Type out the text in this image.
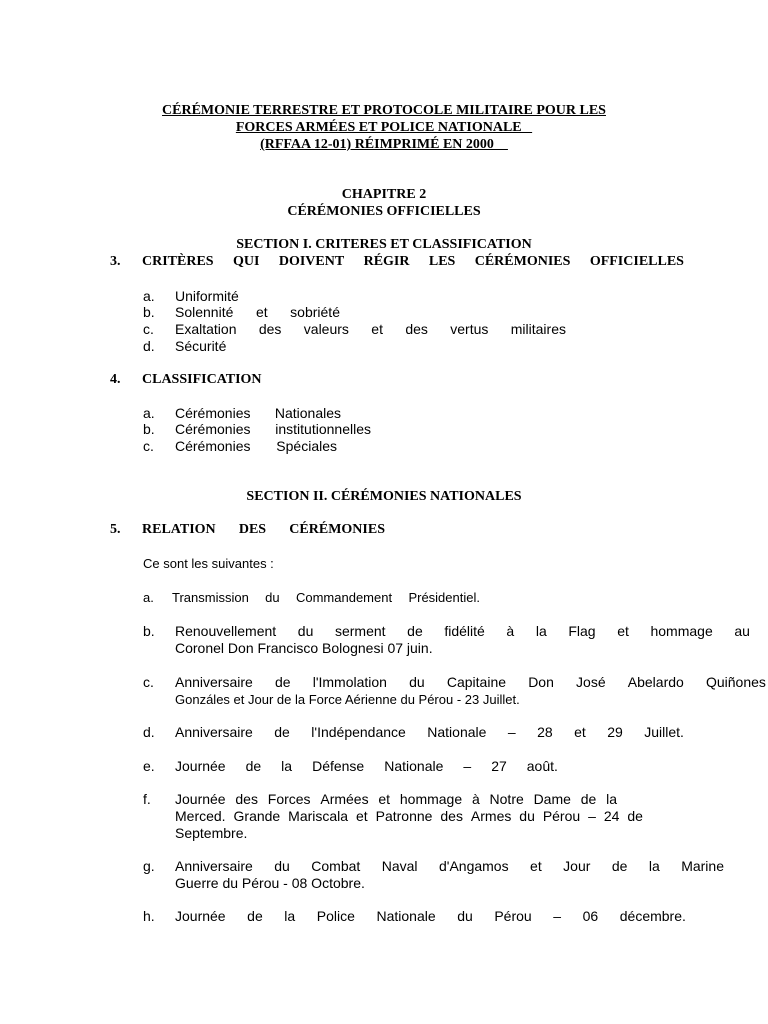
CÉRÉMONIE TERRESTRE ET PROTOCOLE MILITAIRE POUR LES
FORCES ARMÉES ET POLICE NATIONALE
(RFFAA 12-01) RÉIMPRIMÉ EN 2000
CHAPITRE 2
CÉRÉMONIES OFFICIELLES
SECTION I. CRITERES ET CLASSIFICATION
3. CRITÈRES QUI DOIVENT RÉGIR LES CÉRÉMONIES OFFICIELLES
a. Uniformité
b. Solennité et sobriété
c. Exaltation des valeurs et des vertus militaires
d. Sécurité
4. CLASSIFICATION
a. Cérémonies Nationales
b. Cérémonies institutionnelles
c. Cérémonies Spéciales
SECTION II. CÉRÉMONIES NATIONALES
5. RELATION DES CÉRÉMONIES
Ce sont les suivantes :
a. Transmission du Commandement Présidentiel.
b. Renouvellement du serment de fidélité à la Flag et hommage au
Coronel Don Francisco Bolognesi 07 juin.
c. Anniversaire de l'Immolation du Capitaine Don José Abelardo Quiñones
Gonzáles et Jour de la Force Aérienne du Pérou - 23 Juillet.
d. Anniversaire de l'Indépendance Nationale – 28 et 29 Juillet.
e. Journée de la Défense Nationale – 27 août.
f. Journée des Forces Armées et hommage à Notre Dame de la
Merced. Grande Mariscala et Patronne des Armes du Pérou – 24 de
Septembre.
g. Anniversaire du Combat Naval d'Angamos et Jour de la Marine
Guerre du Pérou - 08 Octobre.
h. Journée de la Police Nationale du Pérou – 06 décembre.
